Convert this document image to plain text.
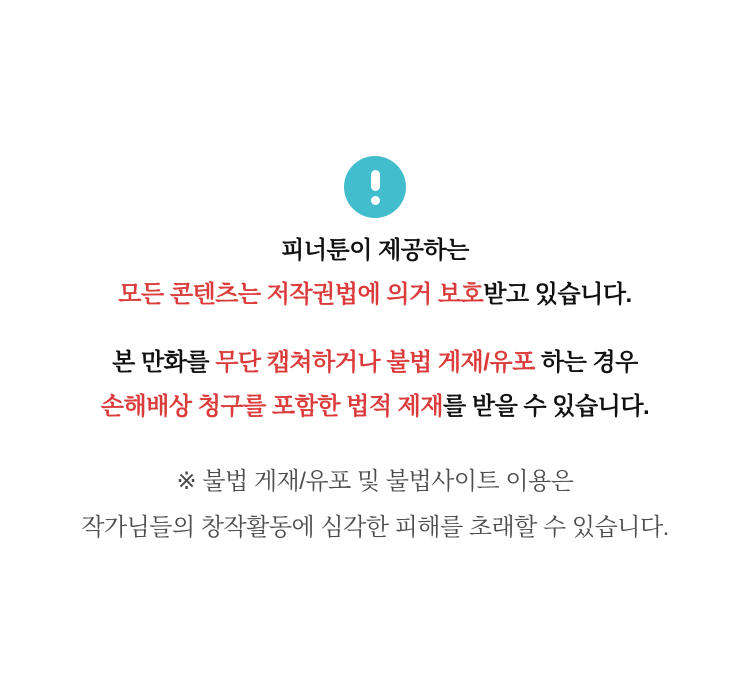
피너툰이 제공하는
모든 콘텐츠는 저작권법에 의거 보호받고 있습니다.
본 만화를 무단 캡쳐하거나 불법 게재/유포 하는 경우
손해배상 청구를 포함한 법적 제재를 받을 수 있습니다.
※ 불법 게재/유포 및 불법사이트 이용은
작가님들의 창작활동에 심각한 피해를 초래할 수 있습니다.
